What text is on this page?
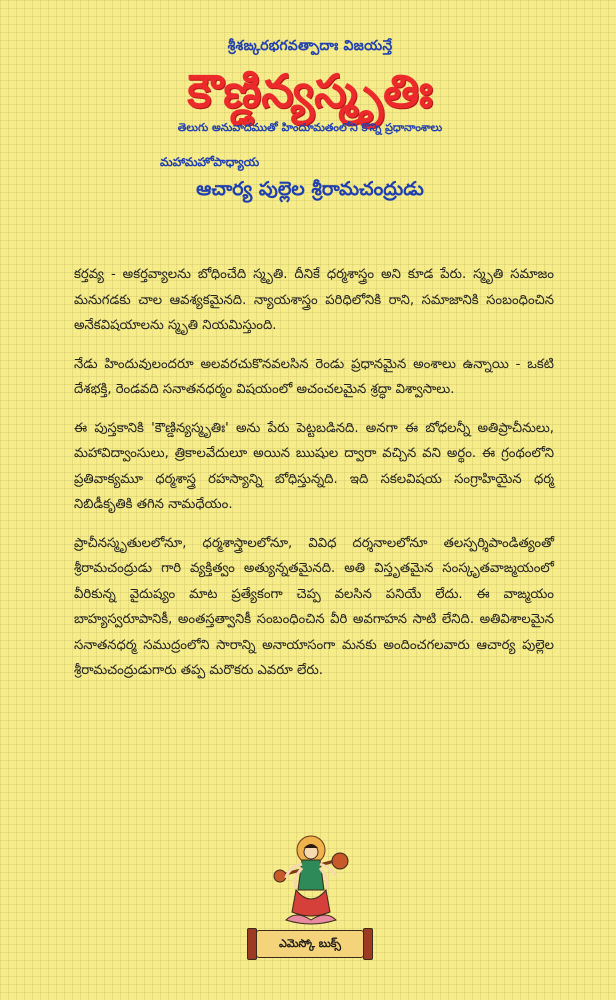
శ్రీశఙ్కరభగవత్పాదాః విజయన్తే
కౌణ్డిన్యస్మృతిః
తెలుగు అనువాదముతో హిందూమతంలోని కొన్ని ప్రధానాంశాలు
మహామహోపాధ్యాయ
ఆచార్య పుల్లెల శ్రీరామచంద్రుడు

కర్తవ్య - అకర్తవ్యాలను బోధించేది స్మృతి. దీనికే ధర్మశాస్త్రం అని కూడ పేరు. స్మృతి సమాజం మనుగడకు చాల ఆవశ్యకమైనది. న్యాయశాస్త్రం పరిధిలోనికి రాని, సమాజానికి సంబంధించిన అనేకవిషయాలను స్మృతి నియమిస్తుంది.

నేడు హిందువులందరూ అలవరచుకొనవలసిన రెండు ప్రధానమైన అంశాలు ఉన్నాయి - ఒకటి దేశభక్తి, రెండవది సనాతనధర్మం విషయంలో అచంచలమైన శ్రద్ధా విశ్వాసాలు.

ఈ పుస్తకానికి 'కౌణ్డిన్యస్మృతిః' అను పేరు పెట్టబడినది. అనగా ఈ బోధలన్నీ అతిప్రాచీనులు, మహావిద్వాంసులు, త్రికాలవేదులూ అయిన ఋషుల ద్వారా వచ్చిన వని అర్థం. ఈ గ్రంథంలోని ప్రతివాక్యమూ ధర్మశాస్త్ర రహస్యాన్ని బోధిస్తున్నది. ఇది సకలవిషయ సంగ్రాహియైన ధర్మ నిబిడీకృతికి తగిన నామధేయం.

ప్రాచీనస్మృతులలోనూ, ధర్మశాస్త్రాలలోనూ, వివిధ దర్శనాలలోనూ తలస్పర్శిపాండిత్యంతో శ్రీరామచంద్రుడు గారి వ్యక్తిత్వం అత్యున్నతమైనది. అతి విస్తృతమైన సంస్కృతవాఙ్మయంలో వీరికున్న వైదుష్యం మాట ప్రత్యేకంగా చెప్ప వలసిన పనియే లేదు. ఈ వాఙ్మయం బాహ్యస్వరూపానికీ, అంతస్తత్వానికీ సంబంధించిన వీరి అవగాహన సాటి లేనిది. అతివిశాలమైన సనాతనధర్మ సముద్రంలోని సారాన్ని అనాయాసంగా మనకు అందించగలవారు ఆచార్య పుల్లెల శ్రీరామచంద్రుడుగారు తప్ప మరొకరు ఎవరూ లేరు.

ఎమెస్కో బుక్స్
